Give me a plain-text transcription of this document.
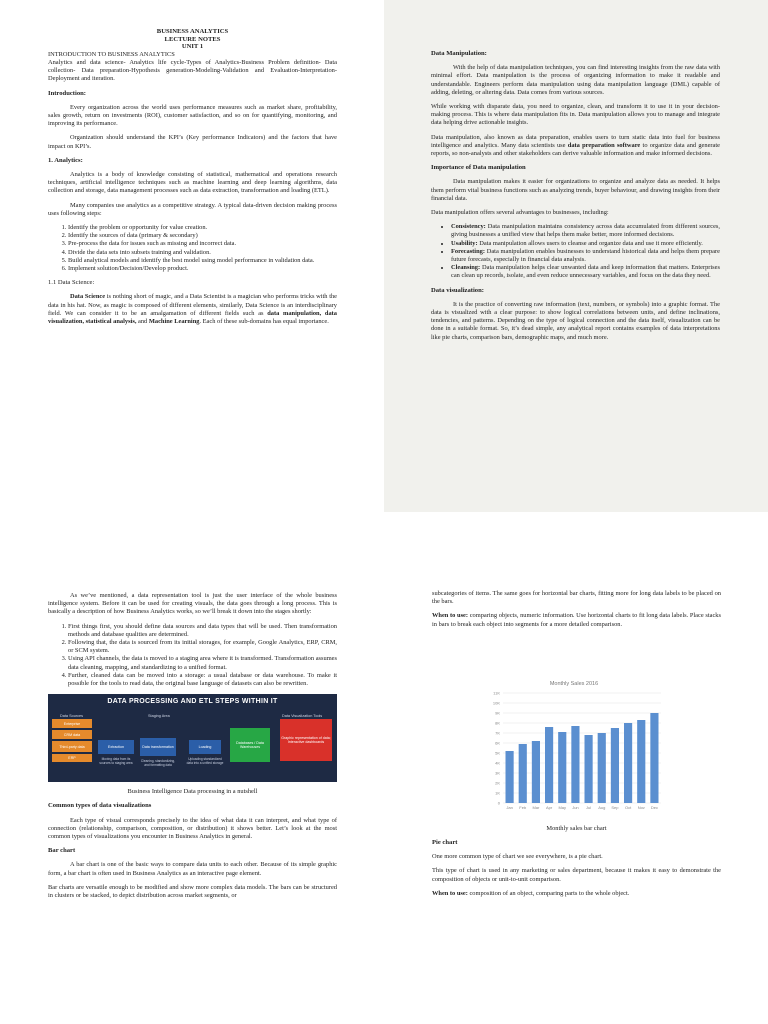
BUSINESS ANALYTICS
LECTURE NOTES
UNIT 1
INTRODUCTION TO BUSINESS ANALYTICS

Analytics and data science- Analytics life cycle-Types of Analytics-Business Problem definition- Data collection- Data preparation-Hypothesis generation-Modeling-Validation and Evaluation-Interpretation-Deployment and iteration.

Introduction:

Every organization across the world uses performance measures such as market share, profitability, sales growth, return on investments (ROI), customer satisfaction, and so on for quantifying, monitoring, and improving its performance.

Organization should understand the KPI’s (Key performance Indicators) and the factors that have impact on KPI’s.

1. Analytics:

Analytics is a body of knowledge consisting of statistical, mathematical and operations research techniques, artificial intelligence techniques such as machine learning and deep learning algorithms, data collection and storage, data management processes such as data extraction, transformation and loading (ETL).

Many companies use analytics as a competitive strategy. A typical data-driven decision making process uses following steps:

1. Identify the problem or opportunity for value creation.
2. Identify the sources of data (primary & secondary)
3. Pre-process the data for issues such as missing and incorrect data.
4. Divide the data sets into subsets training and validation.
5. Build analytical models and identify the best model using model performance in validation data.
6. Implement solution/Decision/Develop product.
1.1 Data Science:

Data Science is nothing short of magic, and a Data Scientist is a magician who performs tricks with the data in his hat. Now, as magic is composed of different elements, similarly, Data Science is an interdisciplinary field. We can consider it to be an amalgamation of different fields such as data manipulation, data visualization, statistical analysis, and Machine Learning. Each of these sub-domains has equal importance.

Data Manipulation:

With the help of data manipulation techniques, you can find interesting insights from the raw data with minimal effort. Data manipulation is the process of organizing information to make it readable and understandable. Engineers perform data manipulation using data manipulation language (DML) capable of adding, deleting, or altering data. Data comes from various sources.

While working with disparate data, you need to organize, clean, and transform it to use it in your decision-making process. This is where data manipulation fits in. Data manipulation allows you to manage and integrate data helping drive actionable insights.

Data manipulation, also known as data preparation, enables users to turn static data into fuel for business intelligence and analytics. Many data scientists use data preparation software to organize data and generate reports, so non-analysts and other stakeholders can derive valuable information and make informed decisions.

Importance of Data manipulation

Data manipulation makes it easier for organizations to organize and analyze data as needed. It helps them perform vital business functions such as analyzing trends, buyer behaviour, and drawing insights from their financial data.

Data manipulation offers several advantages to businesses, including:

• Consistency: Data manipulation maintains consistency across data accumulated from different sources, giving businesses a unified view that helps them make better, more informed decisions.
• Usability: Data manipulation allows users to cleanse and organize data and use it more efficiently.
• Forecasting: Data manipulation enables businesses to understand historical data and helps them prepare future forecasts, especially in financial data analysis.
• Cleansing: Data manipulation helps clear unwanted data and keep information that matters. Enterprises can clean up records, isolate, and even reduce unnecessary variables, and focus on the data they need.
Data visualization:

It is the practice of converting raw information (text, numbers, or symbols) into a graphic format. The data is visualized with a clear purpose: to show logical correlations between units, and define inclinations, tendencies, and patterns. Depending on the type of logical connection and the data itself, visualization can be done in a suitable format. So, it’s dead simple, any analytical report contains examples of data interpretations like pie charts, comparison bars, demographic maps, and much more.

As we’ve mentioned, a data representation tool is just the user interface of the whole business intelligence system. Before it can be used for creating visuals, the data goes through a long process. This is basically a description of how Business Analytics works, so we’ll break it down into the stages shortly:

1. First things first, you should define data sources and data types that will be used. Then transformation methods and database qualities are determined.
2. Following that, the data is sourced from its initial storages, for example, Google Analytics, ERP, CRM, or SCM system.
3. Using API channels, the data is moved to a staging area where it is transformed. Transformation assumes data cleaning, mapping, and standardizing to a unified format.
4. Further, cleaned data can be moved into a storage: a usual database or data warehouse. To make it possible for the tools to read data, the original base language of datasets can also be rewritten.
DATA PROCESSING AND ETL STEPS WITHIN IT
Data Sources	Staging Area	Data Visualization Tools
Enterprise
CRM data
Third-party data
ERP
Extraction	Data transformation	Loading
Databases / Data Warehouses
Graphic representation of data; Interactive dashboards
Moving data from its sources to staging area	Cleaning, standardizing, and formatting data
Uploading standardized data into a unified storage

Business Intelligence Data processing in a nutshell

Common types of data visualizations

Each type of visual corresponds precisely to the idea of what data it can interpret, and what type of connection (relationship, comparison, composition, or distribution) it shows better. Let’s look at the most common types of visualizations you encounter in Business Analytics in general.

Bar chart

A bar chart is one of the basic ways to compare data units to each other. Because of its simple graphic form, a bar chart is often used in Business Analytics as an interactive page element.

Bar charts are versatile enough to be modified and show more complex data models. The bars can be structured in clusters or be stacked, to depict distribution across market segments, or

subcategories of items. The same goes for horizontal bar charts, fitting more for long data labels to be placed on the bars.

When to use: comparing objects, numeric information. Use horizontal charts to fit long data labels. Place stacks in bars to break each object into segments for a more detailed comparison.

Monthly Sales 2016
0
1K
2K
3K
4K
5K
6K
7K
8K
9K
10K
11K
Jan Feb Mar Apr May Jun Jul Aug Sep Oct Nov Dec

Monthly sales bar chart

Pie chart

One more common type of chart we see everywhere, is a pie chart.

This type of chart is used in any marketing or sales department, because it makes it easy to demonstrate the composition of objects or unit-to-unit comparison.

When to use: composition of an object, comparing parts to the whole object.
